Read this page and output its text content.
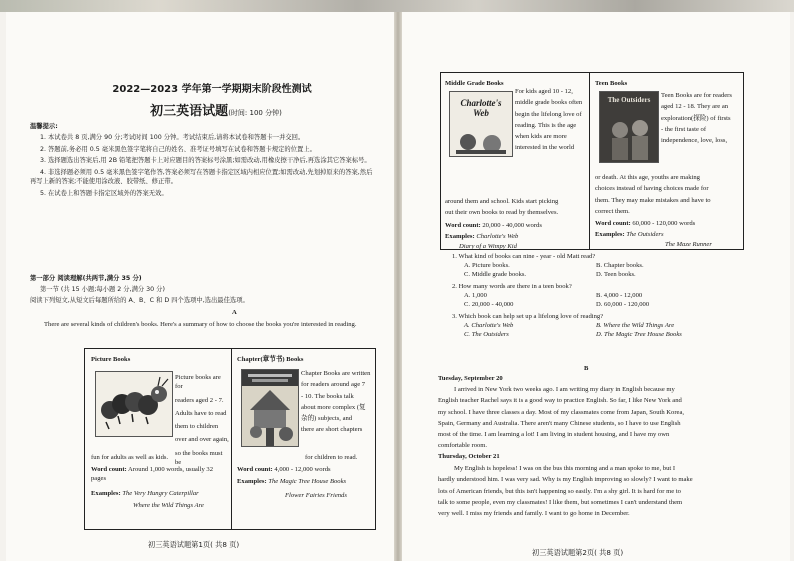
2022—2023 学年第一学期期末阶段性测试
初三英语试题(时间: 100 分钟)
温馨提示:
1. 本试卷共 8 页,满分 90 分;考试时间 100 分钟。考试结束后,请将本试卷和答题卡一并交回。
2. 答题前,务必用 0.5 毫米黑色签字笔将自己的姓名、准考证号填写在试卷和答题卡规定的位置上。
3. 选择题选出答案后,用 2B 铅笔把答题卡上对应题目的答案标号涂黑;如需改动,用橡皮擦干净后,再选涂其它答案标号。
4. 非选择题必须用 0.5 毫米黑色签字笔作答,答案必须写在答题卡指定区域内相应位置;如需改动,先划掉原来的答案,然后再写上新的答案;不能使用涂改液、胶带纸、修正带。
5. 在试卷上和答题卡指定区域外的答案无效。
第一部分 阅读理解(共两节,满分 35 分)
第一节 (共 15 小题;每小题 2 分,满分 30 分)
阅读下列短文,从短文后每题所给的 A、B、C 和 D 四个选项中,选出最佳选项。
A
There are several kinds of children's books. Here's a summary of how to choose the books you're interested in reading.
Picture Books
Picture books are for
readers aged 2 - 7.
Adults have to read
them to children
over and over again,
so the books must be
fun for adults as well as kids.
Word count: Around 1,000 words, usually 32 pages
Examples: The Very Hungry Caterpillar
Where the Wild Things Are
Chapter(章节书) Books
Chapter Books are written
for readers around age 7
- 10. The books talk
about more complex (复
杂的) subjects, and
there are short chapters
for children to read.
Word count: 4,000 - 12,000 words
Examples: The Magic Tree House Books
Flower Fairies Friends
初三英语试题第1页( 共8 页)
Middle Grade Books
Charlotte's Web
For kids aged 10 - 12,
middle grade books often
begin the lifelong love of
reading. This is the age
when kids are more
interested in the world
around them and school. Kids start picking
out their own books to read by themselves.
Word count: 20,000 - 40,000 words
Examples: Charlotte's Web
Diary of a Wimpy Kid
Teen Books
The Outsiders
Teen Books are for readers
aged 12 - 18. They are an
exploration(探险) of firsts
- the first taste of
independence, love, loss,
or death. At this age, youths are making
choices instead of having choices made for
them. They may make mistakes and have to
correct them.
Word count: 60,000 - 120,000 words
Examples: The Outsiders
The Maze Runner
1. What kind of books can nine - year - old Matt read?
A. Picture books.	B. Chapter books.
C. Middle grade books.	D. Teen books.
2. How many words are there in a teen book?
A. 1,000	B. 4,000 - 12,000
C. 20,000 - 40,000	D. 60,000 - 120,000
3. Which book can help set up a lifelong love of reading?
A. Charlotte's Web	B. Where the Wild Things Are
C. The Outsiders	D. The Magic Tree House Books
B
Tuesday, September 20
I arrived in New York two weeks ago. I am writing my diary in English because my
English teacher Rachel says it is a good way to practice English. So far, I like New York and
my school. I have three classes a day. Most of my classmates come from Japan, South Korea,
Spain, Germany and Australia. There aren't many Chinese students, so I have to use English
most of the time. I am learning a lot! I am living in student housing, and I have my own
comfortable room.
Thursday, October 21
My English is hopeless! I was on the bus this morning and a man spoke to me, but I
hardly understood him. I was very sad. Why is my English improving so slowly? I want to make
lots of American friends, but this isn't happening so easily. I'm a shy girl. It is hard for me to
talk to some people, even my classmates! I like them, but sometimes I can't understand them
very well. I miss my friends and family. I want to go home in December.
初三英语试题第2页( 共8 页)
